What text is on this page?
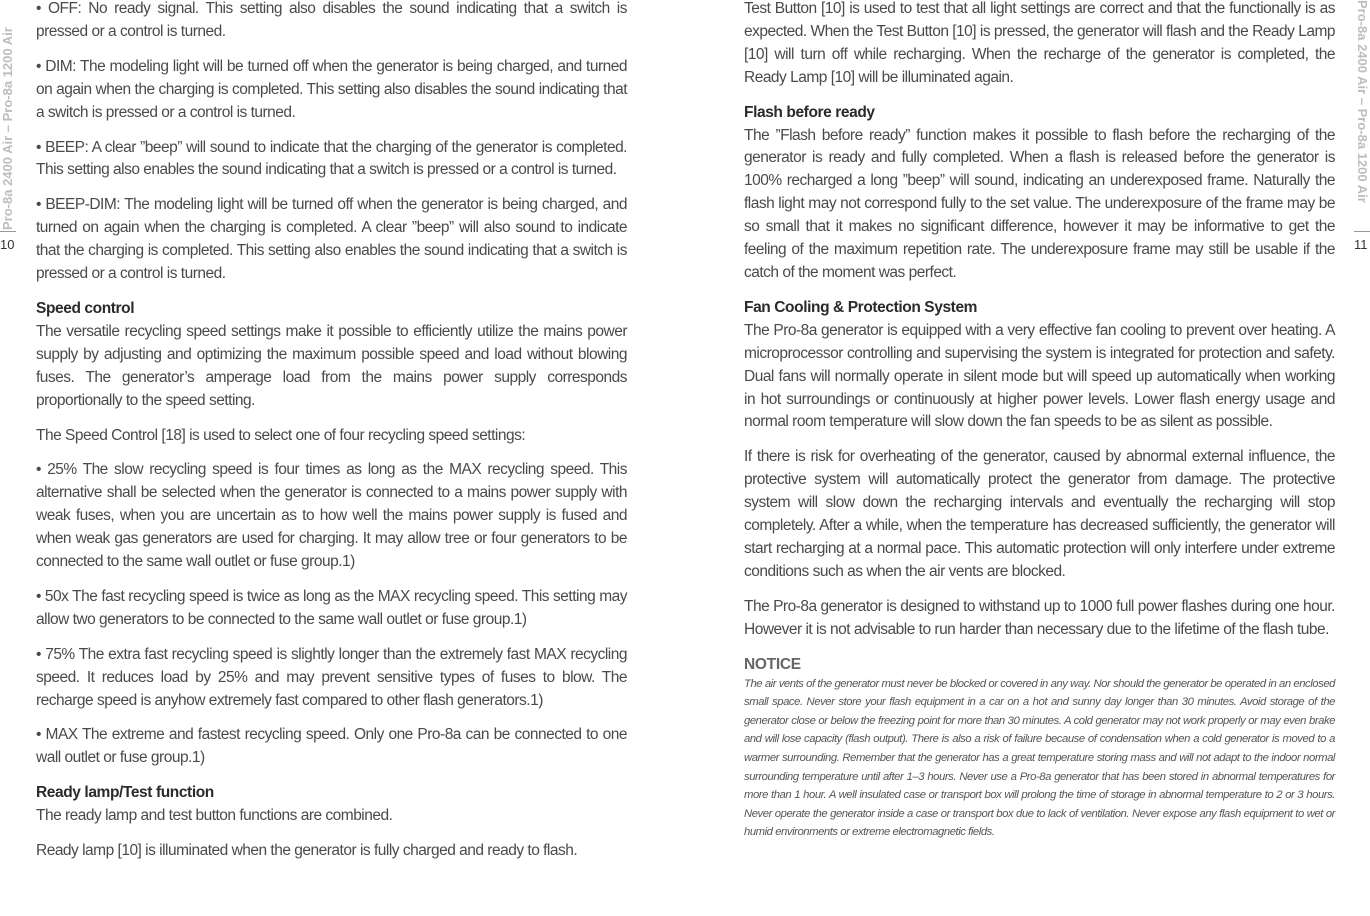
Pro-8a 2400 Air – Pro-8a 1200 Air
10

• OFF: No ready signal. This setting also disables the sound indicating that a switch is pressed or a control is turned.

• DIM: The modeling light will be turned off when the generator is being charged, and turned on again when the charging is completed. This setting also disables the sound indicating that a switch is pressed or a control is turned.

• BEEP: A clear ”beep” will sound to indicate that the charging of the generator is completed. This setting also enables the sound indicating that a switch is pressed or a control is turned.

• BEEP-DIM: The modeling light will be turned off when the generator is being charged, and turned on again when the charging is completed. A clear ”beep” will also sound to indicate that the charging is completed. This setting also enables the sound indicating that a switch is pressed or a control is turned.

Speed control

The versatile recycling speed settings make it possible to efficiently utilize the mains power supply by adjusting and optimizing the maximum possible speed and load without blowing fuses. The generator’s amperage load from the mains power supply corresponds proportionally to the speed setting.

The Speed Control [18] is used to select one of four recycling speed settings:

• 25% The slow recycling speed is four times as long as the MAX recycling speed. This alternative shall be selected when the generator is connected to a mains power supply with weak fuses, when you are uncertain as to how well the mains power supply is fused and when weak gas generators are used for charging. It may allow tree or four generators to be connected to the same wall outlet or fuse group.1)

• 50x The fast recycling speed is twice as long as the MAX recycling speed. This setting may allow two generators to be connected to the same wall outlet or fuse group.1)

• 75% The extra fast recycling speed is slightly longer than the extremely fast MAX recycling speed. It reduces load by 25% and may prevent sensitive types of fuses to blow. The recharge speed is anyhow extremely fast compared to other flash generators.1)

• MAX The extreme and fastest recycling speed. Only one Pro-8a can be connected to one wall outlet or fuse group.1)

Ready lamp/Test function

The ready lamp and test button functions are combined.

Ready lamp [10] is illuminated when the generator is fully charged and ready to flash.

Pro-8a 2400 Air – Pro-8a 1200 Air
11

Test Button [10] is used to test that all light settings are correct and that the functionally is as expected. When the Test Button [10] is pressed, the generator will flash and the Ready Lamp [10] will turn off while recharging. When the recharge of the generator is completed, the Ready Lamp [10] will be illuminated again.

Flash before ready

The ”Flash before ready” function makes it possible to flash before the recharging of the generator is ready and fully completed. When a flash is released before the generator is 100% recharged a long ”beep” will sound, indicating an underexposed frame. Naturally the flash light may not correspond fully to the set value. The underexposure of the frame may be so small that it makes no significant difference, however it may be informative to get the feeling of the maximum repetition rate. The underexposure frame may still be usable if the catch of the moment was perfect.

Fan Cooling & Protection System

The Pro-8a generator is equipped with a very effective fan cooling to prevent over heating. A microprocessor controlling and supervising the system is integrated for protection and safety. Dual fans will normally operate in silent mode but will speed up automatically when working in hot surroundings or continuously at higher power levels. Lower flash energy usage and normal room temperature will slow down the fan speeds to be as silent as possible.

If there is risk for overheating of the generator, caused by abnormal external influence, the protective system will automatically protect the generator from damage. The protective system will slow down the recharging intervals and eventually the recharging will stop completely. After a while, when the temperature has decreased sufficiently, the generator will start recharging at a normal pace. This automatic protection will only interfere under extreme conditions such as when the air vents are blocked.

The Pro-8a generator is designed to withstand up to 1000 full power flashes during one hour. However it is not advisable to run harder than necessary due to the lifetime of the flash tube.

NOTICE

The air vents of the generator must never be blocked or covered in any way. Nor should the generator be operated in an enclosed small space. Never store your flash equipment in a car on a hot and sunny day longer than 30 minutes. Avoid storage of the generator close or below the freezing point for more than 30 minutes. A cold generator may not work properly or may even brake and will lose capacity (flash output). There is also a risk of failure because of condensation when a cold generator is moved to a warmer surrounding. Remember that the generator has a great temperature storing mass and will not adapt to the indoor normal surrounding temperature until after 1–3 hours. Never use a Pro-8a generator that has been stored in abnormal temperatures for more than 1 hour. A well insulated case or transport box will prolong the time of storage in abnormal temperature to 2 or 3 hours. Never operate the generator inside a case or transport box due to lack of ventilation. Never expose any flash equipment to wet or humid environments or extreme electromagnetic fields.
